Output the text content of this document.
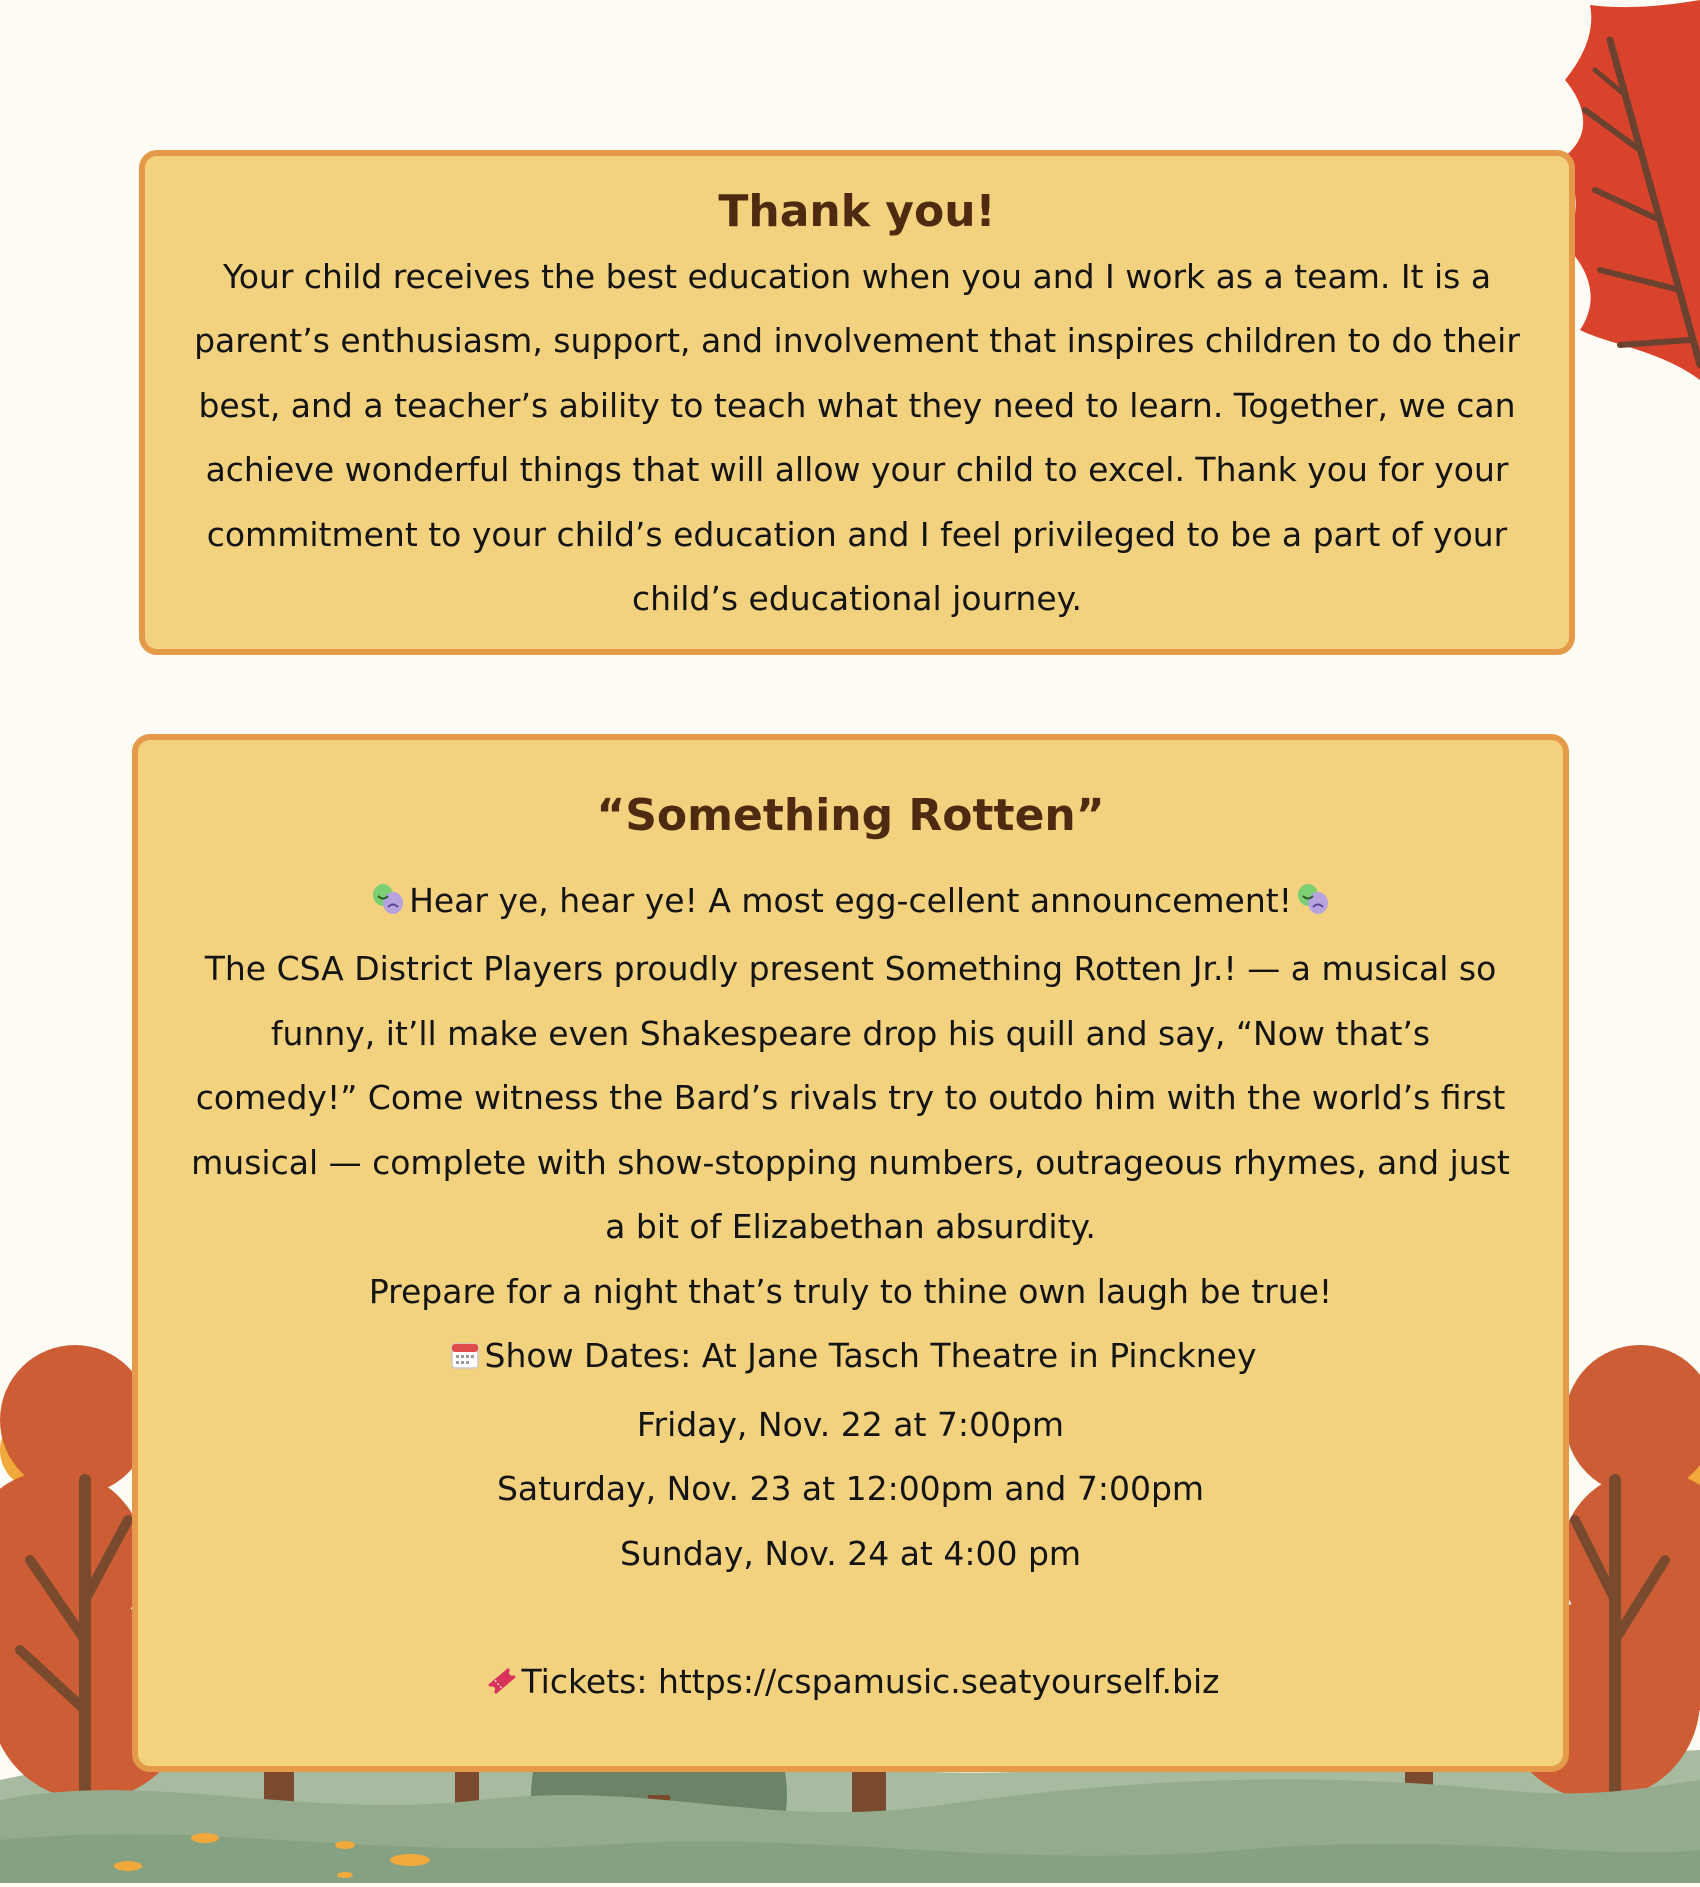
Thank you!

Your child receives the best education when you and I work as a team. It is a parent’s enthusiasm, support, and involvement that inspires children to do their best, and a teacher’s ability to teach what they need to learn. Together, we can achieve wonderful things that will allow your child to excel. Thank you for your commitment to your child’s education and I feel privileged to be a part of your child’s educational journey.

“Something Rotten”

Hear ye, hear ye! A most egg-cellent announcement!

The CSA District Players proudly present Something Rotten Jr.! — a musical so funny, it’ll make even Shakespeare drop his quill and say, “Now that’s comedy!” Come witness the Bard’s rivals try to outdo him with the world’s first musical — complete with show-stopping numbers, outrageous rhymes, and just a bit of Elizabethan absurdity.

Prepare for a night that’s truly to thine own laugh be true!

Show Dates: At Jane Tasch Theatre in Pinckney

Friday, Nov. 22 at 7:00pm

Saturday, Nov. 23 at 12:00pm and 7:00pm

Sunday, Nov. 24 at 4:00 pm

Tickets: https://cspamusic.seatyourself.biz
